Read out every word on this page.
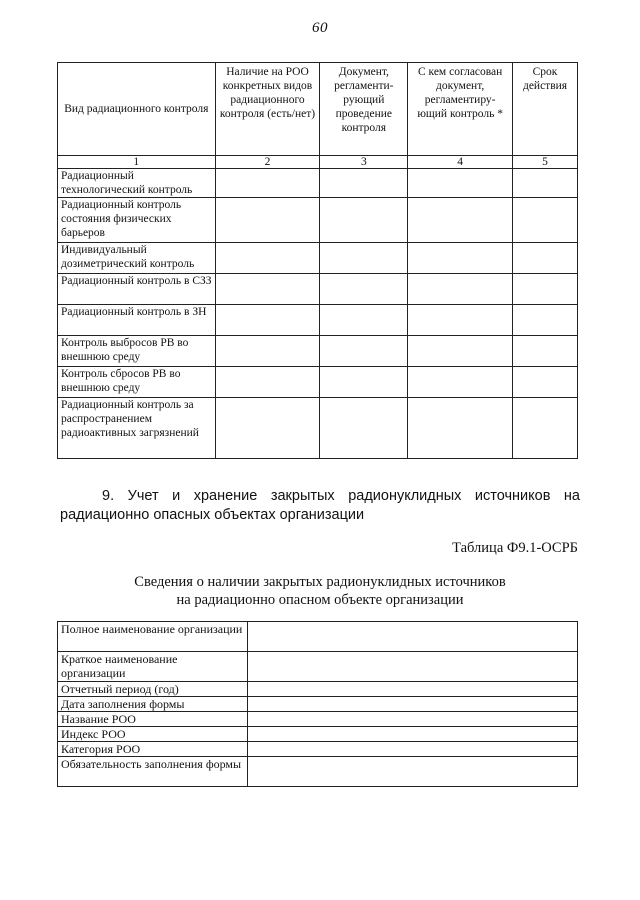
60
Вид радиационного контроля	Наличие на РОО конкретных видов радиационного контроля (есть/нет)	Документ, регламенти-рующий проведение контроля	С кем согласован документ, регламентиру-ющий контроль *	Срок действия
1	2	3	4	5
Радиационный технологический контроль				
Радиационный контроль состояния физических барьеров				
Индивидуальный дозиметрический контроль				
Радиационный контроль в СЗЗ				
Радиационный контроль в ЗН				
Контроль выбросов РВ во внешнюю среду				
Контроль сбросов РВ во внешнюю среду				
Радиационный контроль за распространением радиоактивных загрязнений				
9. Учет и хранение закрытых радионуклидных источников на радиационно опасных объектах организации
Таблица Ф9.1-ОСРБ
Сведения о наличии закрытых радионуклидных источников
на радиационно опасном объекте организации
Полное наименование организации	
Краткое наименование организации	
Отчетный период (год)	
Дата заполнения формы	
Название РОО	
Индекс РОО	
Категория РОО	
Обязательность заполнения формы	
